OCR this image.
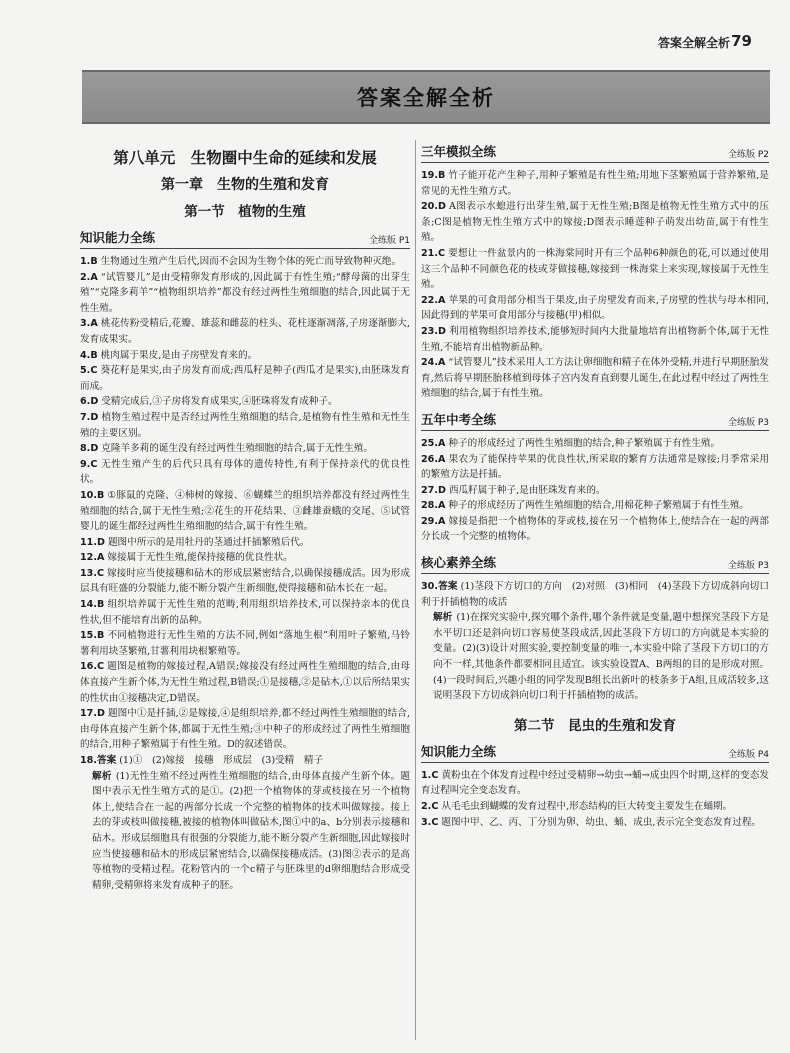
答案全解全析 79
答案全解全析
第八单元　生物圈中生命的延续和发展
第一章　生物的生殖和发育
第一节　植物的生殖
知识能力全练	全练版 P1
1.B 生物通过生殖产生后代,因而不会因为生物个体的死亡而导致物种灭绝。
2.A “试管婴儿”是由受精卵发育形成的,因此属于有性生殖;“酵母菌的出芽生殖”“克隆多莉羊”“植物组织培养”都没有经过两性生殖细胞的结合,因此属于无性生殖。
3.A 桃花传粉受精后,花瓣、雄蕊和雌蕊的柱头、花柱逐渐凋落,子房逐渐膨大,发育成果实。
4.B 桃肉属于果皮,是由子房壁发育来的。
5.C 葵花籽是果实,由子房发育而成;西瓜籽是种子(西瓜才是果实),由胚珠发育而成。
6.D 受精完成后,③子房将发育成果实,④胚珠将发育成种子。
7.D 植物生殖过程中是否经过两性生殖细胞的结合,是植物有性生殖和无性生殖的主要区别。
8.D 克隆羊多莉的诞生没有经过两性生殖细胞的结合,属于无性生殖。
9.C 无性生殖产生的后代只具有母体的遗传特性,有利于保持亲代的优良性状。
10.B ①豚鼠的克隆、④柿树的嫁接、⑥蝴蝶兰的组织培养都没有经过两性生殖细胞的结合,属于无性生殖;②花生的开花结果、③雌雄蚕蛾的交尾、⑤试管婴儿的诞生都经过两性生殖细胞的结合,属于有性生殖。
11.D 题图中所示的是用牡丹的茎通过扦插繁殖后代。
12.A 嫁接属于无性生殖,能保持接穗的优良性状。
13.C 嫁接时应当使接穗和砧木的形成层紧密结合,以确保接穗成活。因为形成层具有旺盛的分裂能力,能不断分裂产生新细胞,使得接穗和砧木长在一起。
14.B 组织培养属于无性生殖的范畴,利用组织培养技术,可以保持亲本的优良性状,但不能培育出新的品种。
15.B 不同植物进行无性生殖的方法不同,例如“落地生根”利用叶子繁殖,马铃薯利用块茎繁殖,甘薯利用块根繁殖等。
16.C 题图是植物的嫁接过程,A错误;嫁接没有经过两性生殖细胞的结合,由母体直接产生新个体,为无性生殖过程,B错误;①是接穗,②是砧木,①以后所结果实的性状由①接穗决定,D错误。
17.D 题图中①是扦插,②是嫁接,④是组织培养,都不经过两性生殖细胞的结合,由母体直接产生新个体,都属于无性生殖;③中种子的形成经过了两性生殖细胞的结合,用种子繁殖属于有性生殖。D的叙述错误。
18.答案 (1)①　(2)嫁接　接穗　形成层　(3)受精　精子
解析 (1)无性生殖不经过两性生殖细胞的结合,由母体直接产生新个体。题图中表示无性生殖方式的是①。(2)把一个植物体的芽或枝接在另一个植物体上,使结合在一起的两部分长成一个完整的植物体的技术叫做嫁接。接上去的芽或枝叫做接穗,被接的植物体叫做砧木,图①中的a、b分别表示接穗和砧木。形成层细胞具有很强的分裂能力,能不断分裂产生新细胞,因此嫁接时应当使接穗和砧木的形成层紧密结合,以确保接穗成活。(3)图②表示的是高等植物的受精过程。花粉管内的一个c精子与胚珠里的d卵细胞结合形成受精卵,受精卵将来发育成种子的胚。
三年模拟全练	全练版 P2
19.B 竹子能开花产生种子,用种子繁殖是有性生殖;用地下茎繁殖属于营养繁殖,是常见的无性生殖方式。
20.D A图表示水螅进行出芽生殖,属于无性生殖;B图是植物无性生殖方式中的压条;C图是植物无性生殖方式中的嫁接;D图表示睡莲种子萌发出幼苗,属于有性生殖。
21.C 要想让一件盆景内的一株海棠同时开有三个品种6种颜色的花,可以通过使用这三个品种不同颜色花的枝或芽做接穗,嫁接到一株海棠上来实现,嫁接属于无性生殖。
22.A 苹果的可食用部分相当于果皮,由子房壁发育而来,子房壁的性状与母本相同,因此得到的苹果可食用部分与接穗(甲)相似。
23.D 利用植物组织培养技术,能够短时间内大批量地培育出植物新个体,属于无性生殖,不能培育出植物新品种。
24.A “试管婴儿”技术采用人工方法让卵细胞和精子在体外受精,并进行早期胚胎发育,然后将早期胚胎移植到母体子宫内发育直到婴儿诞生,在此过程中经过了两性生殖细胞的结合,属于有性生殖。
五年中考全练	全练版 P3
25.A 种子的形成经过了两性生殖细胞的结合,种子繁殖属于有性生殖。
26.A 果农为了能保持苹果的优良性状,所采取的繁育方法通常是嫁接;月季常采用的繁殖方法是扦插。
27.D 西瓜籽属于种子,是由胚珠发育来的。
28.A 种子的形成经历了两性生殖细胞的结合,用棉花种子繁殖属于有性生殖。
29.A 嫁接是指把一个植物体的芽或枝,接在另一个植物体上,使结合在一起的两部分长成一个完整的植物体。
核心素养全练	全练版 P3
30.答案 (1)茎段下方切口的方向　(2)对照　(3)相同　(4)茎段下方切成斜向切口利于扦插植物的成活
解析 (1)在探究实验中,探究哪个条件,哪个条件就是变量,题中想探究茎段下方是水平切口还是斜向切口容易使茎段成活,因此茎段下方切口的方向就是本实验的变量。(2)(3)设计对照实验,要控制变量的唯一,本实验中除了茎段下方切口的方向不一样,其他条件都要相同且适宜。该实验设置A、B两组的目的是形成对照。(4)一段时间后,兴趣小组的同学发现B组长出新叶的枝条多于A组,且成活较多,这说明茎段下方切成斜向切口利于扦插植物的成活。
第二节　昆虫的生殖和发育
知识能力全练	全练版 P4
1.C 黄粉虫在个体发育过程中经过受精卵→幼虫→蛹→成虫四个时期,这样的变态发育过程叫完全变态发育。
2.C 从毛毛虫到蝴蝶的发育过程中,形态结构的巨大转变主要发生在蛹期。
3.C 题图中甲、乙、丙、丁分别为卵、幼虫、蛹、成虫,表示完全变态发育过程。
